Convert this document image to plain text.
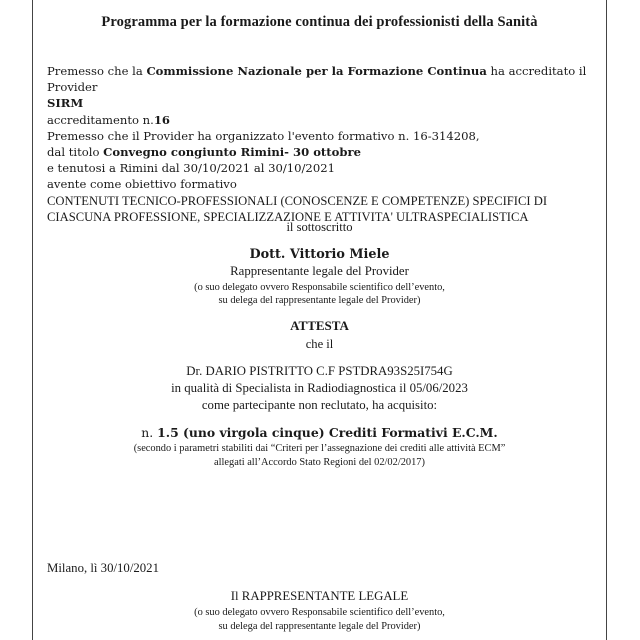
Programma per la formazione continua dei professionisti della Sanità
Premesso che la Commissione Nazionale per la Formazione Continua ha accreditato il Provider
SIRM
accreditamento n.16
Premesso che il Provider ha organizzato l'evento formativo n. 16-314208,
dal titolo Convegno congiunto Rimini- 30 ottobre
e tenutosi a Rimini dal 30/10/2021 al 30/10/2021
avente come obiettivo formativo
CONTENUTI TECNICO-PROFESSIONALI (CONOSCENZE E COMPETENZE) SPECIFICI DI
CIASCUNA PROFESSIONE, SPECIALIZZAZIONE E ATTIVITA' ULTRASPECIALISTICA
il sottoscritto
Dott. Vittorio Miele
Rappresentante legale del Provider
(o suo delegato ovvero Responsabile scientifico dell’evento,
su delega del rappresentante legale del Provider)
ATTESTA
che il
Dr. DARIO PISTRITTO C.F PSTDRA93S25I754G
in qualità di Specialista in Radiodiagnostica il 05/06/2023
come partecipante non reclutato, ha acquisito:
n. 1.5 (uno virgola cinque) Crediti Formativi E.C.M.
(secondo i parametri stabiliti dai “Criteri per l’assegnazione dei crediti alle attività ECM”
allegati all’Accordo Stato Regioni del 02/02/2017)
Milano, lì 30/10/2021
Il RAPPRESENTANTE LEGALE
(o suo delegato ovvero Responsabile scientifico dell’evento,
su delega del rappresentante legale del Provider)
